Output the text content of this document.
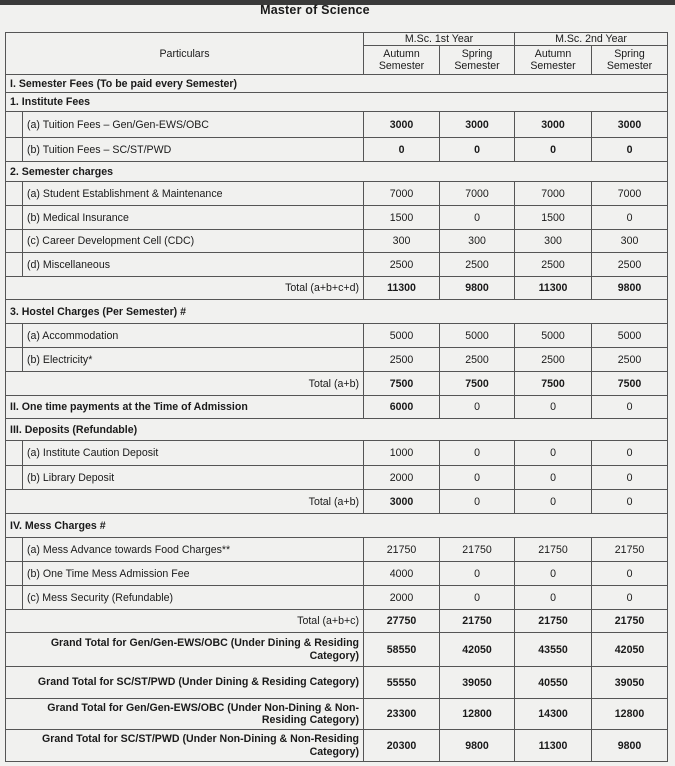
Master of Science
Particulars		M.Sc. 1st Year		M.Sc. 2nd Year	
		Autumn Semester	Spring Semester	Autumn Semester	Spring Semester
I. Semester Fees (To be paid every Semester)					
1. Institute Fees					
	(a) Tuition Fees – Gen/Gen-EWS/OBC	3000	3000	3000	3000
	(b) Tuition Fees – SC/ST/PWD	0	0	0	0
2. Semester charges					
	(a) Student Establishment & Maintenance	7000	7000	7000	7000
	(b) Medical Insurance	1500	0	1500	0
	(c) Career Development Cell (CDC)	300	300	300	300
	(d) Miscellaneous	2500	2500	2500	2500
Total (a+b+c+d)		11300	9800	11300	9800
3. Hostel Charges (Per Semester) #					
	(a) Accommodation	5000	5000	5000	5000
	(b) Electricity*	2500	2500	2500	2500
Total (a+b)		7500	7500	7500	7500
II. One time payments at the Time of Admission		6000	0	0	0
III. Deposits (Refundable)					
	(a) Institute Caution Deposit	1000	0	0	0
	(b) Library Deposit	2000	0	0	0
Total (a+b)		3000	0	0	0
IV. Mess Charges #					
	(a) Mess Advance towards Food Charges**	21750	21750	21750	21750
	(b) One Time Mess Admission Fee	4000	0	0	0
	(c) Mess Security (Refundable)	2000	0	0	0
Total (a+b+c)		27750	21750	21750	21750

Grand Total for Gen/Gen-EWS/OBC (Under Dining & Residing Category)		58550	42050	43550	42050
Grand Total for SC/ST/PWD (Under Dining & Residing Category)		55550	39050	40550	39050

Grand Total for Gen/Gen-EWS/OBC (Under Non-Dining & Non-Residing Category)		23300	12800	14300	12800

Grand Total for SC/ST/PWD (Under Non-Dining & Non-Residing Category)		20300	9800	11300	9800
